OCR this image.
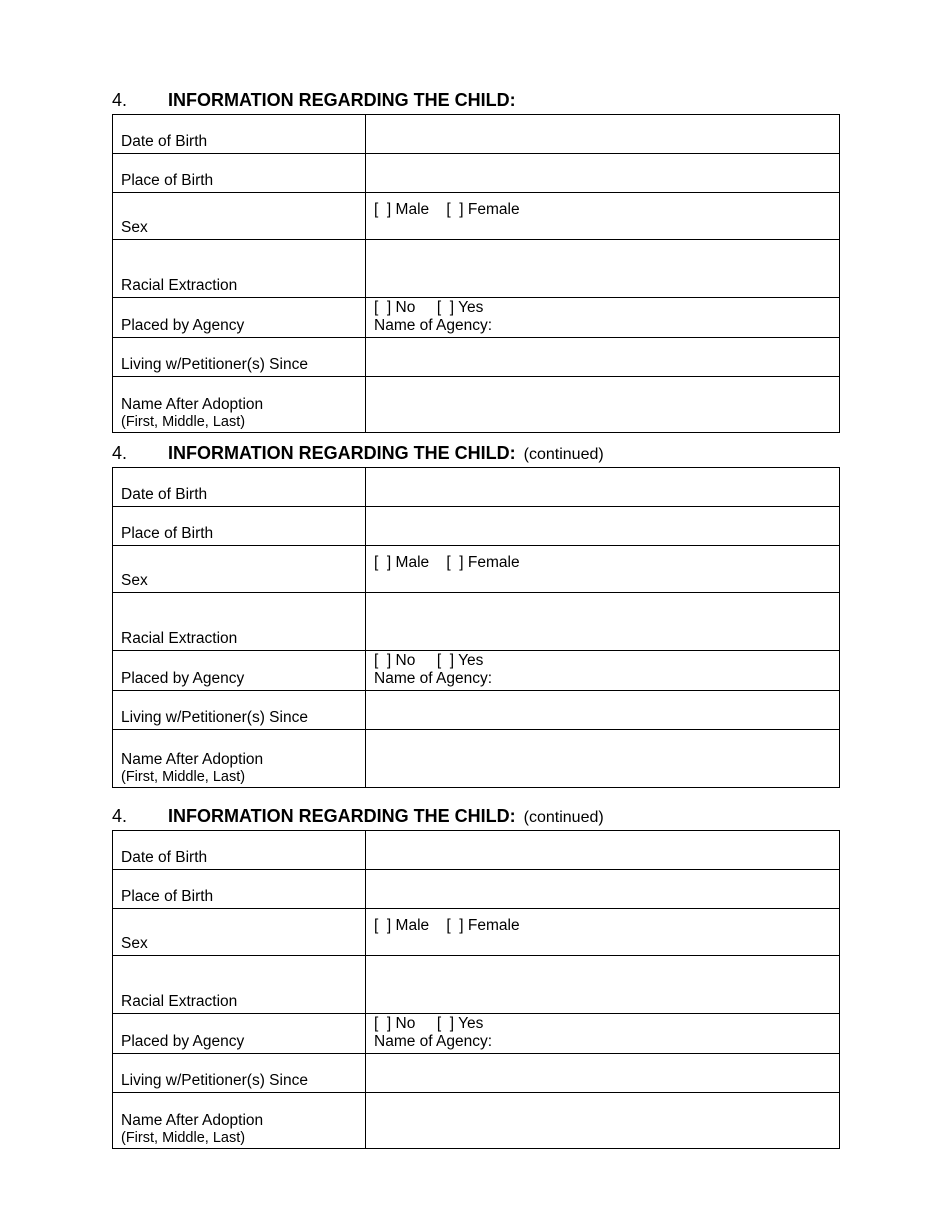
4. INFORMATION REGARDING THE CHILD:
Date of Birth	
Place of Birth	
Sex	[  ] Male    [  ] Female
Racial Extraction	
Placed by Agency	[  ] No     [  ] Yes
Name of Agency:

Living w/Petitioner(s) Since	

Name After Adoption
(First, Middle, Last)	

4. INFORMATION REGARDING THE CHILD: (continued)
Date of Birth	
Place of Birth	
Sex	[  ] Male    [  ] Female
Racial Extraction	
Placed by Agency	[  ] No     [  ] Yes
Name of Agency:

Living w/Petitioner(s) Since	

Name After Adoption
(First, Middle, Last)	

4. INFORMATION REGARDING THE CHILD: (continued)
Date of Birth	
Place of Birth	
Sex	[  ] Male    [  ] Female
Racial Extraction	
Placed by Agency	[  ] No     [  ] Yes
Name of Agency:

Living w/Petitioner(s) Since	

Name After Adoption
(First, Middle, Last)	
